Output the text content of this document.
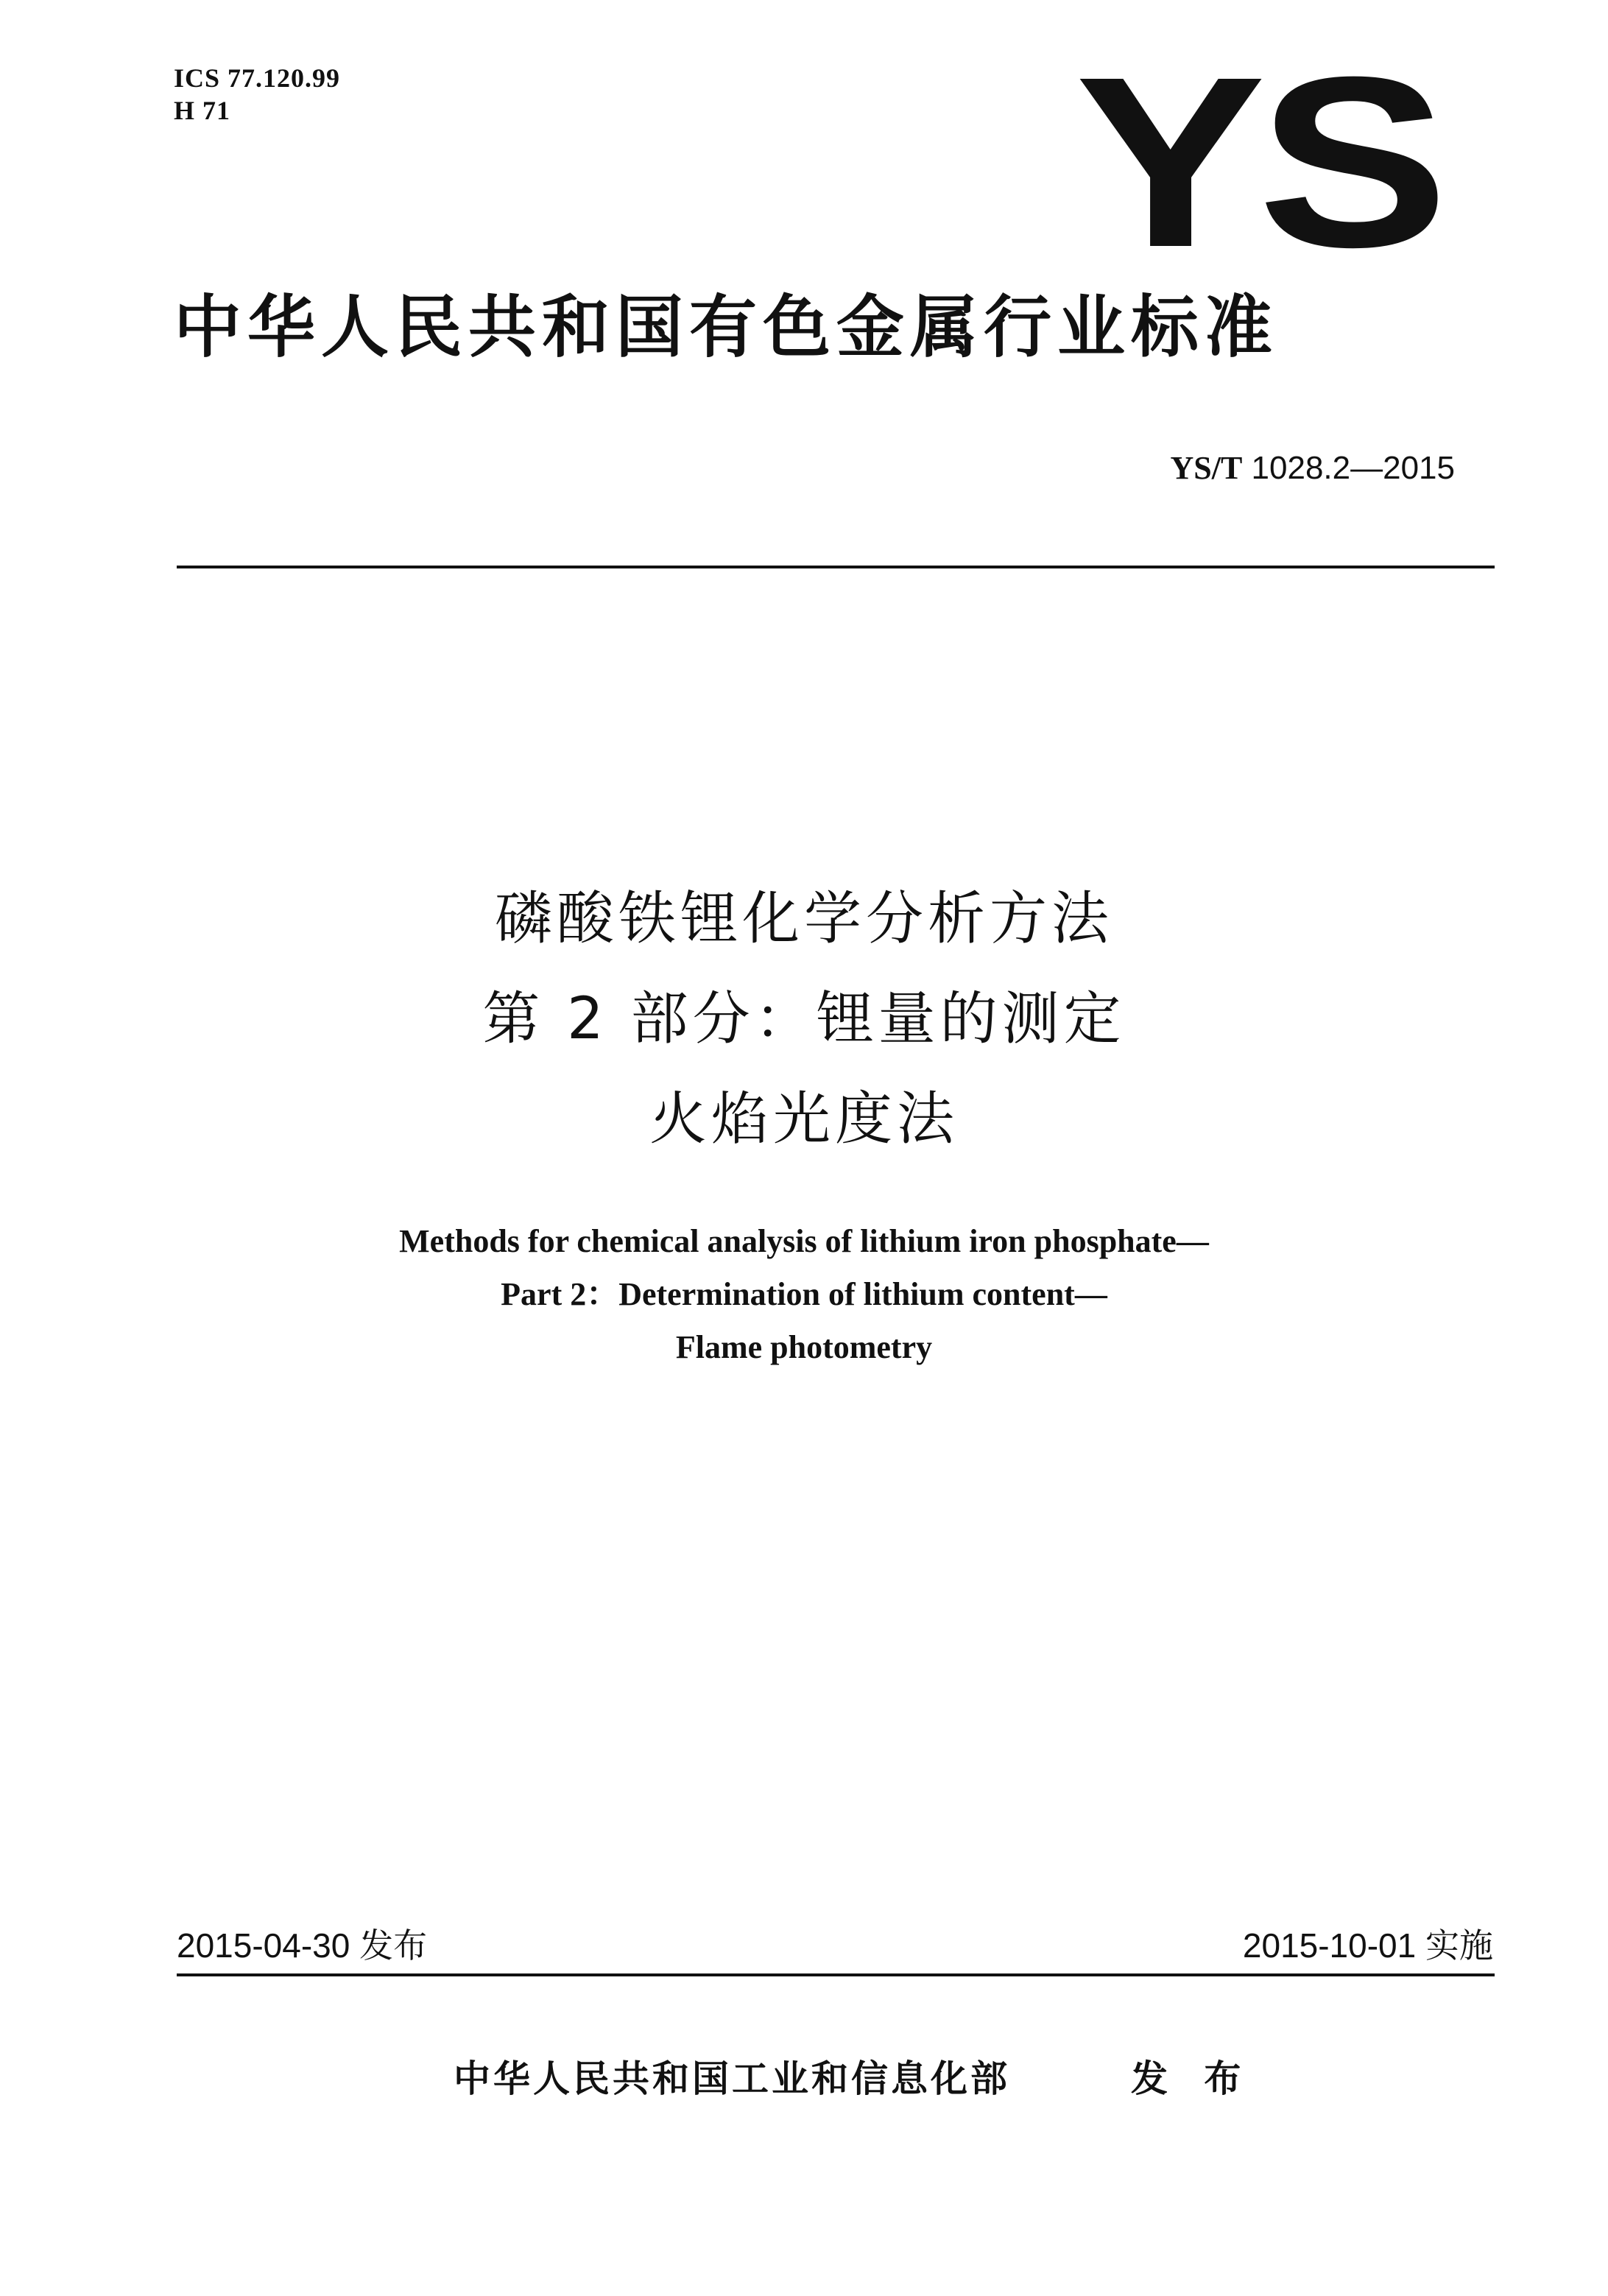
ICS 77.120.99
H 71	YS
中华人民共和国有色金属行业标准
YS/T 1028.2—2015
磷酸铁锂化学分析方法
第 2 部分：锂量的测定
火焰光度法
Methods for chemical analysis of lithium iron phosphate—
Part 2：Determination of lithium content—
Flame photometry
2015-04-30 发布	2015-10-01 实施
中华人民共和国工业和信息化部	发 布
